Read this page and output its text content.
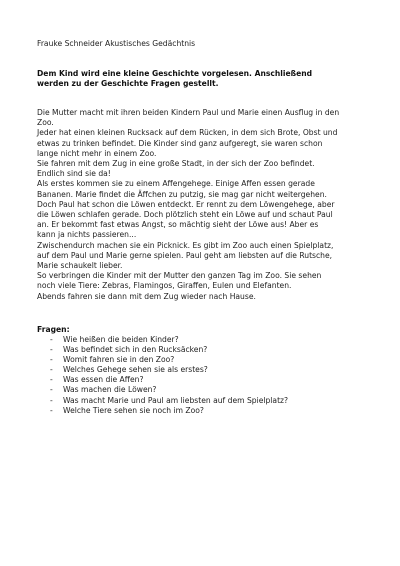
Frauke Schneider Akustisches Gedächtnis
Dem Kind wird eine kleine Geschichte vorgelesen. Anschließend
werden zu der Geschichte Fragen gestellt.
Die Mutter macht mit ihren beiden Kindern Paul und Marie einen Ausflug in den
Zoo.
Jeder hat einen kleinen Rucksack auf dem Rücken, in dem sich Brote, Obst und
etwas zu trinken befindet. Die Kinder sind ganz aufgeregt, sie waren schon
lange nicht mehr in einem Zoo.
Sie fahren mit dem Zug in eine große Stadt, in der sich der Zoo befindet.
Endlich sind sie da!
Als erstes kommen sie zu einem Affengehege. Einige Affen essen gerade
Bananen. Marie findet die Äffchen zu putzig, sie mag gar nicht weitergehen.
Doch Paul hat schon die Löwen entdeckt. Er rennt zu dem Löwengehege, aber
die Löwen schlafen gerade. Doch plötzlich steht ein Löwe auf und schaut Paul
an. Er bekommt fast etwas Angst, so mächtig sieht der Löwe aus! Aber es
kann ja nichts passieren...
Zwischendurch machen sie ein Picknick. Es gibt im Zoo auch einen Spielplatz,
auf dem Paul und Marie gerne spielen. Paul geht am liebsten auf die Rutsche,
Marie schaukelt lieber.
So verbringen die Kinder mit der Mutter den ganzen Tag im Zoo. Sie sehen
noch viele Tiere: Zebras, Flamingos, Giraffen, Eulen und Elefanten.
Abends fahren sie dann mit dem Zug wieder nach Hause.
Fragen:
-	Wie heißen die beiden Kinder?
-	Was befindet sich in den Rucksäcken?
-	Womit fahren sie in den Zoo?
-	Welches Gehege sehen sie als erstes?
-	Was essen die Affen?
-	Was machen die Löwen?
-	Was macht Marie und Paul am liebsten auf dem Spielplatz?
-	Welche Tiere sehen sie noch im Zoo?
